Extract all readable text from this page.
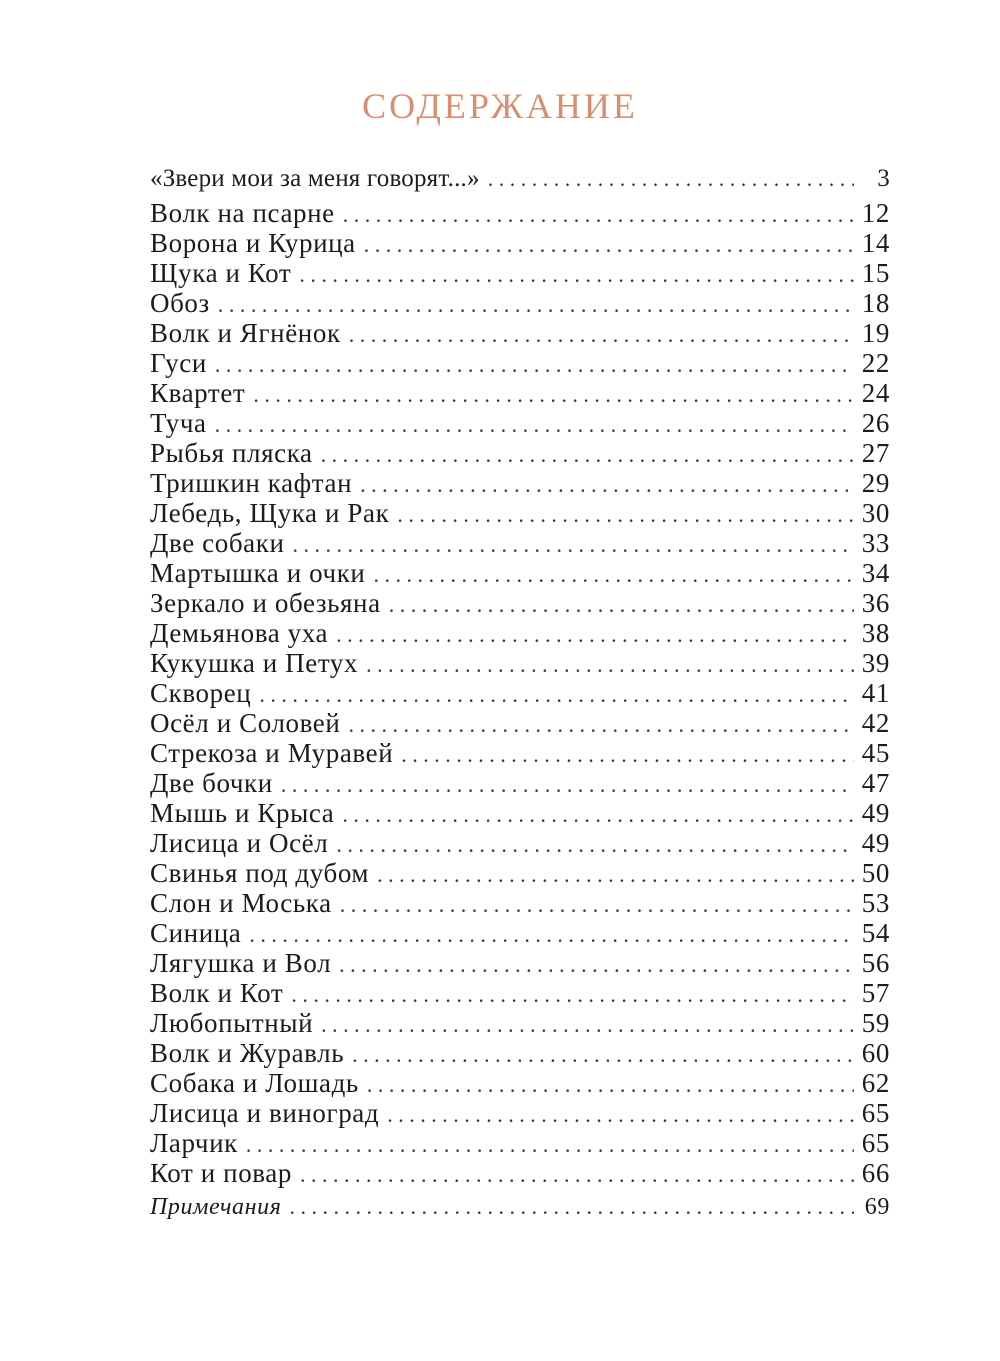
СОДЕРЖАНИЕ
«Звери мои за меня говорят...» . . .	3
Волк на псарне . . .	12
Ворона и Курица . . .	14
Щука и Кот . . .	15
Обоз . . .	18
Волк и Ягнёнок . . .	19
Гуси . . .	22
Квартет . . .	24
Туча . . .	26
Рыбья пляска . . .	27
Тришкин кафтан . . .	29
Лебедь, Щука и Рак . . .	30
Две собаки . . .	33
Мартышка и очки . . .	34
Зеркало и обезьяна . . .	36
Демьянова уха . . .	38
Кукушка и Петух . . .	39
Скворец . . .	41
Осёл и Соловей . . .	42
Стрекоза и Муравей . . .	45
Две бочки . . .	47
Мышь и Крыса . . .	49
Лисица и Осёл . . .	49
Свинья под дубом . . .	50
Слон и Моська . . .	53
Синица . . .	54
Лягушка и Вол . . .	56
Волк и Кот . . .	57
Любопытный . . .	59
Волк и Журавль . . .	60
Собака и Лошадь . . .	62
Лисица и виноград . . .	65
Ларчик . . .	65
Кот и повар . . .	66
Примечания . . .	69
